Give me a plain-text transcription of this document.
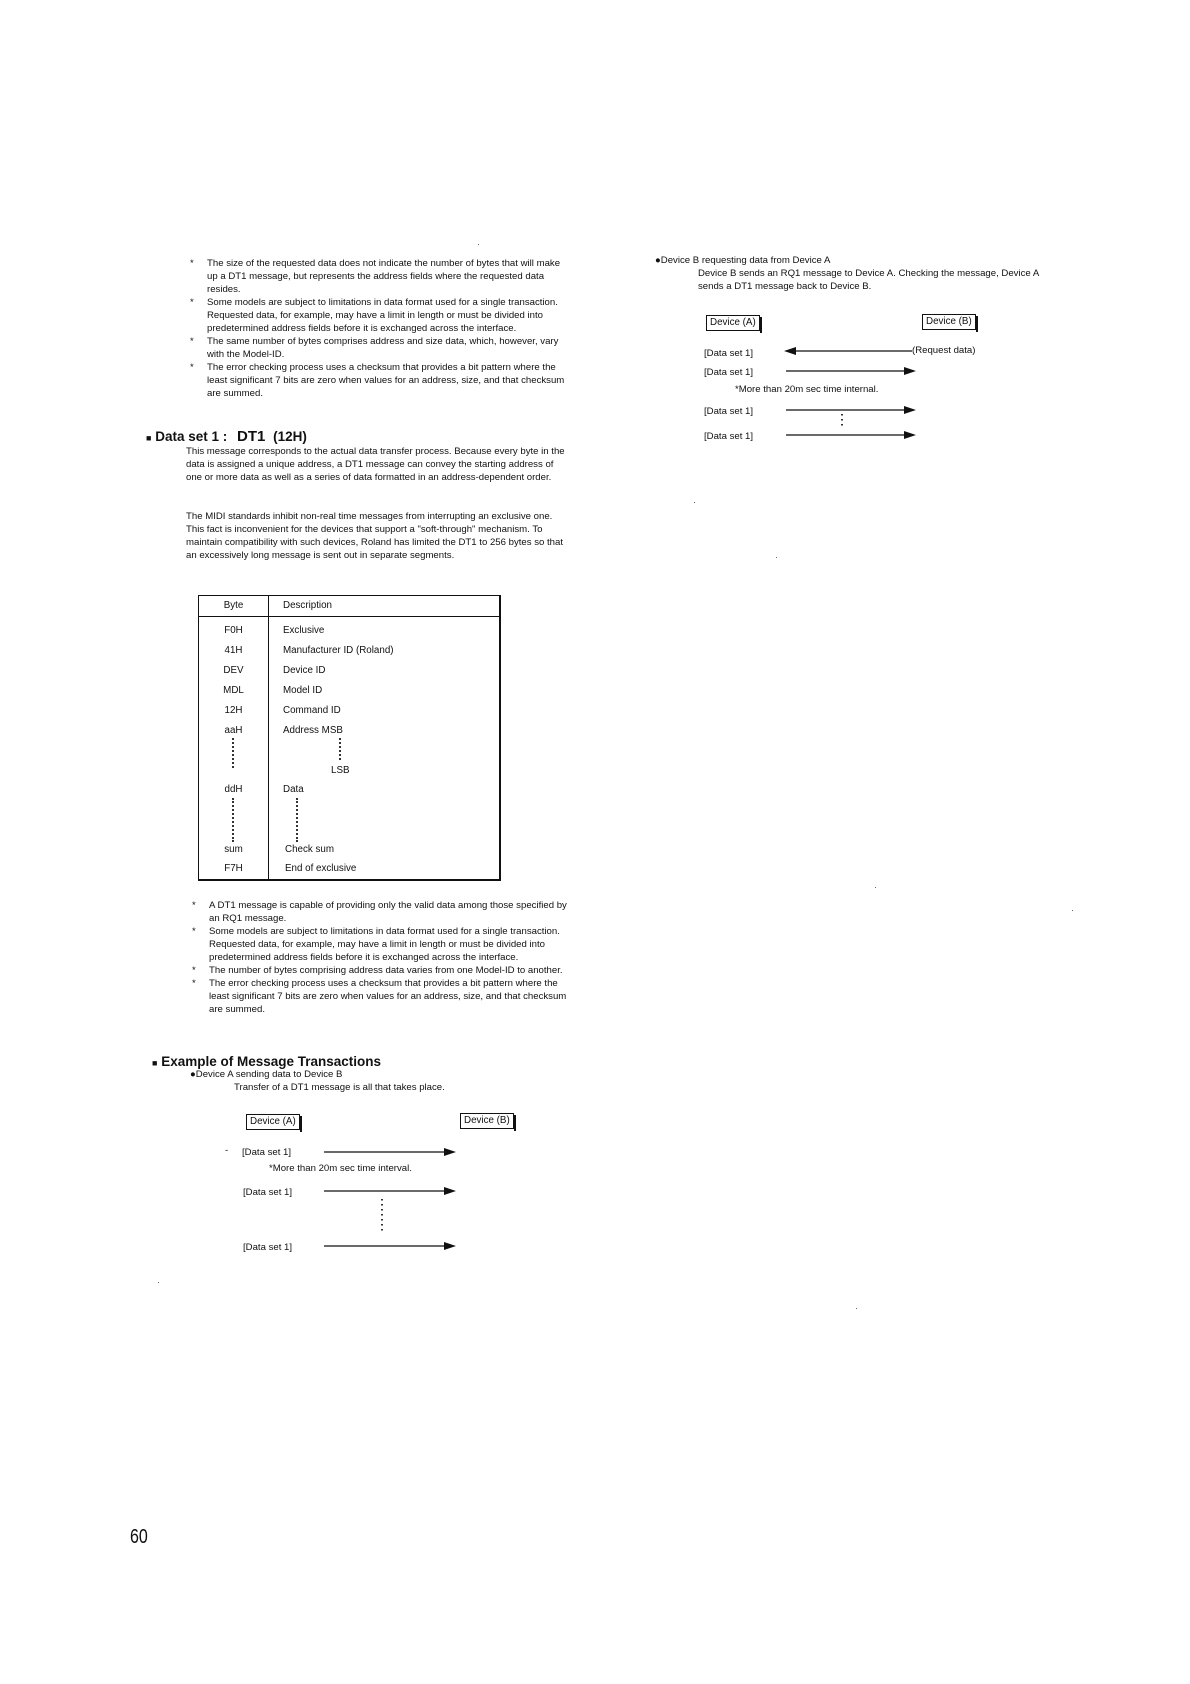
* The size of the requested data does not indicate the number of bytes that will make up a DT1 message, but represents the address fields where the requested data resides.
* Some models are subject to limitations in data format used for a single transaction. Requested data, for example, may have a limit in length or must be divided into predetermined address fields before it is exchanged across the interface.
* The same number of bytes comprises address and size data, which, however, vary with the Model-ID.
* The error checking process uses a checksum that provides a bit pattern where the least significant 7 bits are zero when values for an address, size, and that checksum are summed.
■ Data set 1 : DT1 (12H)
This message corresponds to the actual data transfer process. Because every byte in the data is assigned a unique address, a DT1 message can convey the starting address of one or more data as well as a series of data formatted in an address-dependent order.
The MIDI standards inhibit non-real time messages from interrupting an exclusive one. This fact is inconvenient for the devices that support a "soft-through" mechanism. To maintain compatibility with such devices, Roland has limited the DT1 to 256 bytes so that an excessively long message is sent out in separate segments.
Byte	Description
F0H	Exclusive
41H	Manufacturer ID (Roland)
DEV	Device ID
MDL	Model ID
12H	Command ID
aaH	Address MSB
LSB
ddH	Data
sum	Check sum
F7H	End of exclusive
* A DT1 message is capable of providing only the valid data among those specified by an RQ1 message.
* Some models are subject to limitations in data format used for a single transaction. Requested data, for example, may have a limit in length or must be divided into predetermined address fields before it is exchanged across the interface.
* The number of bytes comprising address data varies from one Model-ID to another.
* The error checking process uses a checksum that provides a bit pattern where the least significant 7 bits are zero when values for an address, size, and that checksum are summed.
■ Example of Message Transactions
●Device A sending data to Device B
Transfer of a DT1 message is all that takes place.
Device (A)	Device (B)
- [Data set 1]
*More than 20m sec time interval.
[Data set 1]
[Data set 1]
●Device B requesting data from Device A
Device B sends an RQ1 message to Device A. Checking the message, Device A sends a DT1 message back to Device B.
Device (A)	Device (B)
[Data set 1]	(Request data)
[Data set 1]
*More than 20m sec time internal.
[Data set 1]
[Data set 1]
60
